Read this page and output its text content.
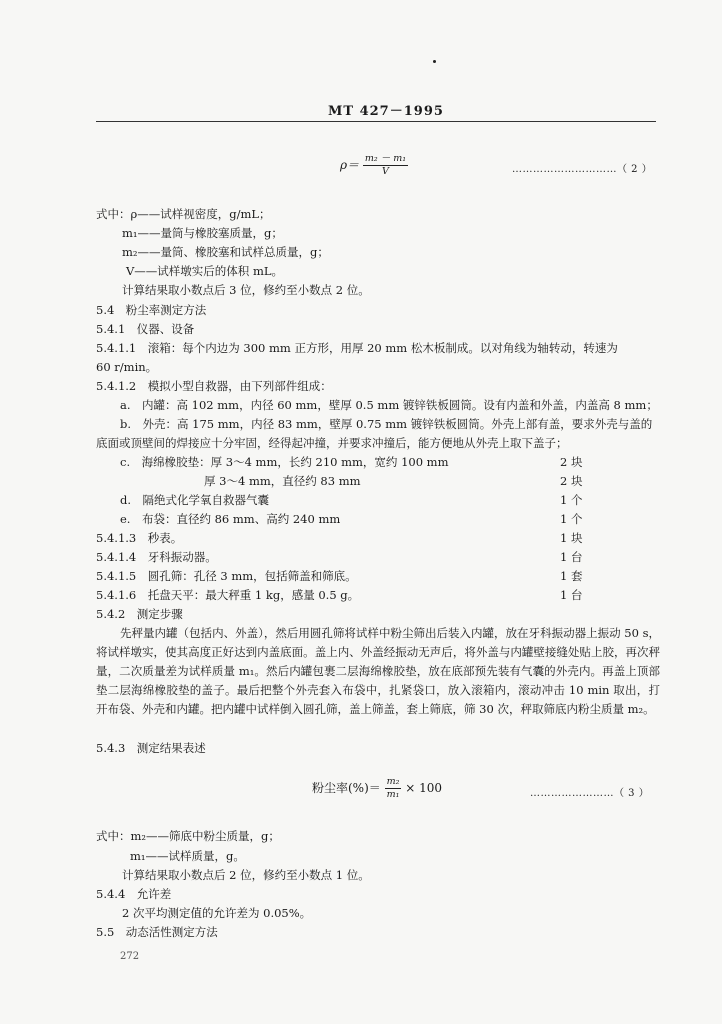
MT 427－1995
$\rho= \frac{\text{m₂ － m₁}}{V}$	…………………………（ 2 ）
式中：ρ——试样视密度，g/mL；
m₁——量筒与橡胶塞质量，g；
m₂——量筒、橡胶塞和试样总质量，g；
V——试样墩实后的体积 mL。
计算结果取小数点后 3 位，修约至小数点 2 位。
5.4　粉尘率测定方法
5.4.1　仪器、设备
5.4.1.1　滚箱：每个内边为 300 mm 正方形，用厚 20 mm 松木板制成。以对角线为轴转动，转速为
60 r/min。
5.4.1.2　模拟小型自救器，由下列部件组成：
a.　内罐：高 102 mm，内径 60 mm，壁厚 0.5 mm 镀锌铁板圆筒。设有内盖和外盖，内盖高 8 mm；
b.　外壳：高 175 mm，内径 83 mm，壁厚 0.75 mm 镀锌铁板圆筒。外壳上部有盖，要求外壳与盖的
底面或顶壁间的焊接应十分牢固，经得起冲撞，并要求冲撞后，能方便地从外壳上取下盖子；
c.　海绵橡胶垫：厚 3～4 mm，长约 210 mm，宽约 100 mm	2 块
厚 3～4 mm，直径约 83 mm	2 块
d.　隔绝式化学氧自救器气囊	1 个
e.　布袋：直径约 86 mm、高约 240 mm	1 个
5.4.1.3　秒表。	1 块
5.4.1.4　牙科振动器。	1 台
5.4.1.5　圆孔筛：孔径 3 mm，包括筛盖和筛底。	1 套
5.4.1.6　托盘天平：最大秤重 1 kg，感量 0.5 g。	1 台
5.4.2　测定步骤
先秤量内罐（包括内、外盖），然后用圆孔筛将试样中粉尘筛出后装入内罐，放在牙科振动器上振动 50 s，将试样墩实，使其高度正好达到内盖底面。盖上内、外盖经振动无声后，将外盖与内罐壁接缝处贴上胶，再次秤量，二次质量差为试样质量 m₁。然后内罐包裹二层海绵橡胶垫，放在底部预先装有气囊的外壳内。再盖上顶部垫二层海绵橡胶垫的盖子。最后把整个外壳套入布袋中，扎紧袋口，放入滚箱内，滚动冲击 10 min 取出，打开布袋、外壳和内罐。把内罐中试样倒入圆孔筛，盖上筛盖，套上筛底，筛 30 次，秤取筛底内粉尘质量 m₂。
5.4.3　测定结果表述
粉尘率(%)＝ $\frac{\text{m₂}}{\text{m₁}} \times 100$	……………………（ 3 ）
式中：m₂——筛底中粉尘质量，g；
m₁——试样质量，g。
计算结果取小数点后 2 位，修约至小数点 1 位。
5.4.4　允许差
2 次平均测定值的允许差为 0.05%。
5.5　动态活性测定方法
272
